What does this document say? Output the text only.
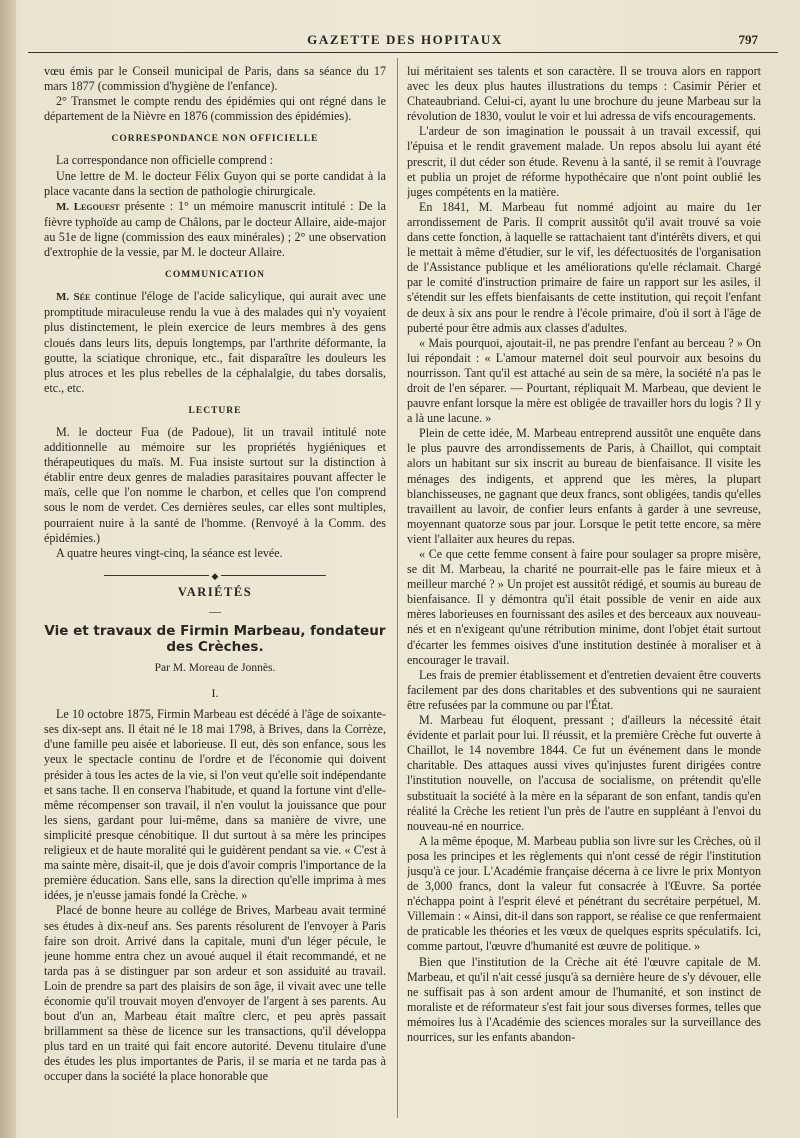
GAZETTE DES HOPITAUX	797

vœu émis par le Conseil municipal de Paris, dans sa séance du 17 mars 1877 (commission d'hygiène de l'enfance).

2° Transmet le compte rendu des épidémies qui ont régné dans le département de la Nièvre en 1876 (commission des épidémies).

CORRESPONDANCE NON OFFICIELLE

La correspondance non officielle comprend :

Une lettre de M. le docteur Félix Guyon qui se porte candidat à la place vacante dans la section de pathologie chirurgicale.

M. Legouest présente : 1° un mémoire manuscrit intitulé : De la fièvre typhoïde au camp de Châlons, par le docteur Allaire, aide-major au 51e de ligne (commission des eaux minérales) ; 2° une observation d'extrophie de la vessie, par M. le docteur Allaire.

COMMUNICATION

M. Sée continue l'éloge de l'acide salicylique, qui aurait avec une promptitude miraculeuse rendu la vue à des malades qui n'y voyaient plus distinctement, le plein exercice de leurs membres à des gens cloués dans leurs lits, depuis longtemps, par l'arthrite déformante, la goutte, la sciatique chronique, etc., fait disparaître les douleurs les plus atroces et les plus rebelles de la céphalalgie, du tabes dorsalis, etc., etc.

LECTURE

M. le docteur Fua (de Padoue), lit un travail intitulé note additionnelle au mémoire sur les propriétés hygiéniques et thérapeutiques du maïs. M. Fua insiste surtout sur la distinction à établir entre deux genres de maladies parasitaires pouvant affecter le maïs, celle que l'on nomme le charbon, et celles que l'on comprend sous le nom de verdet. Ces dernières seules, car elles sont multiples, pourraient nuire à la santé de l'homme. (Renvoyé à la Comm. des épidémies.)

A quatre heures vingt-cinq, la séance est levée.

◆
VARIÉTÉS
—
Vie et travaux de Firmin Marbeau, fondateur des Crèches.
Par M. Moreau de Jonnès.
I.

Le 10 octobre 1875, Firmin Marbeau est décédé à l'âge de soixante-ses dix-sept ans. Il était né le 18 mai 1798, à Brives, dans la Corrèze, d'une famille peu aisée et laborieuse. Il eut, dès son enfance, sous les yeux le spectacle continu de l'ordre et de l'économie qui doivent présider à tous les actes de la vie, si l'on veut qu'elle soit indépendante et sans tache. Il en conserva l'habitude, et quand la fortune vint d'elle-même récompenser son travail, il n'en voulut la jouissance que pour les siens, gardant pour lui-même, dans sa manière de vivre, une simplicité presque cénobitique. Il dut surtout à sa mère les principes religieux et de haute moralité qui le guidèrent pendant sa vie. « C'est à ma sainte mère, disait-il, que je dois d'avoir compris l'importance de la première éducation. Sans elle, sans la direction qu'elle imprima à mes idées, je n'eusse jamais fondé la Crèche. »

Placé de bonne heure au collége de Brives, Marbeau avait terminé ses études à dix-neuf ans. Ses parents résolurent de l'envoyer à Paris faire son droit. Arrivé dans la capitale, muni d'un léger pécule, le jeune homme entra chez un avoué auquel il était recommandé, et ne tarda pas à se distinguer par son ardeur et son assiduité au travail. Loin de prendre sa part des plaisirs de son âge, il vivait avec une telle économie qu'il trouvait moyen d'envoyer de l'argent à ses parents. Au bout d'un an, Marbeau était maître clerc, et peu après passait brillamment sa thèse de licence sur les transactions, qu'il développa plus tard en un traité qui fait encore autorité. Devenu titulaire d'une des études les plus importantes de Paris, il se maria et ne tarda pas à occuper dans la société la place honorable que

lui méritaient ses talents et son caractère. Il se trouva alors en rapport avec les deux plus hautes illustrations du temps : Casimir Périer et Chateaubriand. Celui-ci, ayant lu une brochure du jeune Marbeau sur la révolution de 1830, voulut le voir et lui adressa de vifs encouragements.

L'ardeur de son imagination le poussait à un travail excessif, qui l'épuisa et le rendit gravement malade. Un repos absolu lui ayant été prescrit, il dut céder son étude. Revenu à la santé, il se remit à l'ouvrage et publia un projet de réforme hypothécaire que n'ont point oublié les juges compétents en la matière.

En 1841, M. Marbeau fut nommé adjoint au maire du 1er arrondissement de Paris. Il comprit aussitôt qu'il avait trouvé sa voie dans cette fonction, à laquelle se rattachaient tant d'intérêts divers, et qui le mettait à même d'étudier, sur le vif, les défectuosités de l'organisation de l'Assistance publique et les améliorations qu'elle réclamait. Chargé par le comité d'instruction primaire de faire un rapport sur les asiles, il s'étendit sur les effets bienfaisants de cette institution, qui reçoit l'enfant de deux à six ans pour le rendre à l'école primaire, d'où il sort à l'âge de puberté pour être admis aux classes d'adultes.

« Mais pourquoi, ajoutait-il, ne pas prendre l'enfant au berceau ? » On lui répondait : « L'amour maternel doit seul pourvoir aux besoins du nourrisson. Tant qu'il est attaché au sein de sa mère, la société n'a pas le droit de l'en séparer. — Pourtant, répliquait M. Marbeau, que devient le pauvre enfant lorsque la mère est obligée de travailler hors du logis ? Il y a là une lacune. »

Plein de cette idée, M. Marbeau entreprend aussitôt une enquête dans le plus pauvre des arrondissements de Paris, à Chaillot, qui comptait alors un habitant sur six inscrit au bureau de bienfaisance. Il visite les ménages des indigents, et apprend que les mères, la plupart blanchisseuses, ne gagnant que deux francs, sont obligées, tandis qu'elles travaillent au lavoir, de confier leurs enfants à garder à une sevreuse, moyennant quatorze sous par jour. Lorsque le petit tette encore, sa mère vient l'allaiter aux heures du repas.

« Ce que cette femme consent à faire pour soulager sa propre misère, se dit M. Marbeau, la charité ne pourrait-elle pas le faire mieux et à meilleur marché ? » Un projet est aussitôt rédigé, et soumis au bureau de bienfaisance. Il y démontra qu'il était possible de venir en aide aux mères laborieuses en fournissant des asiles et des berceaux aux nouveau-nés et en n'exigeant qu'une rétribution minime, dont l'objet était surtout d'écarter les femmes oisives d'une institution destinée à moraliser et à encourager le travail.

Les frais de premier établissement et d'entretien devaient être couverts facilement par des dons charitables et des subventions qui ne sauraient être refusées par la commune ou par l'État.

M. Marbeau fut éloquent, pressant ; d'ailleurs la nécessité était évidente et parlait pour lui. Il réussit, et la première Crèche fut ouverte à Chaillot, le 14 novembre 1844. Ce fut un événement dans le monde charitable. Des attaques aussi vives qu'injustes furent dirigées contre l'institution nouvelle, on l'accusa de socialisme, on prétendit qu'elle substituait la société à la mère en la séparant de son enfant, tandis qu'en réalité la Crèche les retient l'un près de l'autre en suppléant à l'envoi du nouveau-né en nourrice.

A la même époque, M. Marbeau publia son livre sur les Crèches, où il posa les principes et les règlements qui n'ont cessé de régir l'institution jusqu'à ce jour. L'Académie française décerna à ce livre le prix Montyon de 3,000 francs, dont la valeur fut consacrée à l'Œuvre. Sa portée n'échappa point à l'esprit élevé et pénétrant du secrétaire perpétuel, M. Villemain : « Ainsi, dit-il dans son rapport, se réalise ce que renfermaient de praticable les théories et les vœux de quelques esprits spéculatifs. Ici, comme partout, l'œuvre d'humanité est œuvre de politique. »

Bien que l'institution de la Crèche ait été l'œuvre capitale de M. Marbeau, et qu'il n'ait cessé jusqu'à sa dernière heure de s'y dévouer, elle ne suffisait pas à son ardent amour de l'humanité, et son instinct de moraliste et de réformateur s'est fait jour sous diverses formes, telles que mémoires lus à l'Académie des sciences morales sur la surveillance des nourrices, sur les enfants abandon-
